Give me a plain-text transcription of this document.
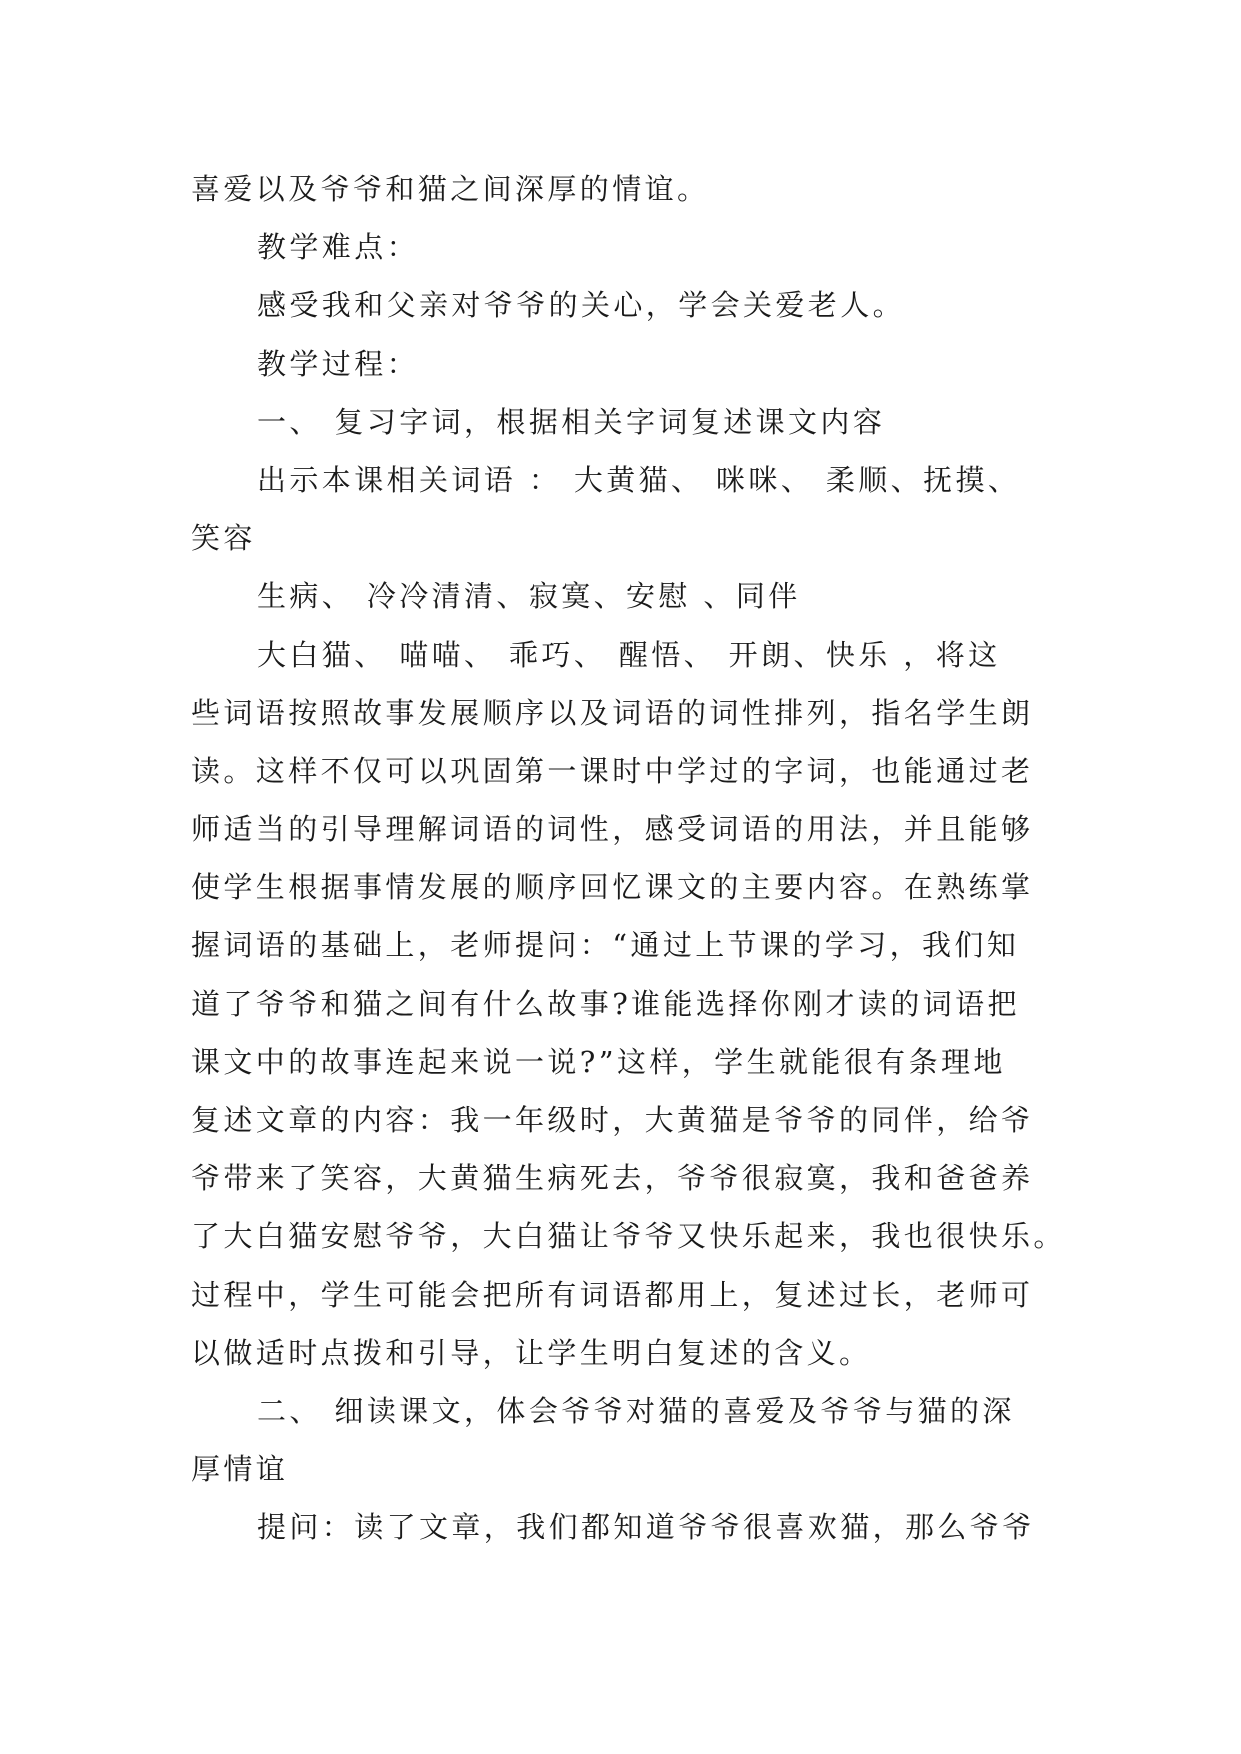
喜爱以及爷爷和猫之间深厚的情谊。
教学难点：
感受我和父亲对爷爷的关心，学会关爱老人。
教学过程：
一、 复习字词，根据相关字词复述课文内容
出示本课相关词语 ： 大黄猫、 咪咪、 柔顺、抚摸、
笑容
生病、 冷冷清清、寂寞、安慰 、同伴
大白猫、 喵喵、 乖巧、 醒悟、 开朗、快乐 ，将这
些词语按照故事发展顺序以及词语的词性排列，指名学生朗
读。这样不仅可以巩固第一课时中学过的字词，也能通过老
师适当的引导理解词语的词性，感受词语的用法，并且能够
使学生根据事情发展的顺序回忆课文的主要内容。在熟练掌
握词语的基础上，老师提问：“通过上节课的学习，我们知
道了爷爷和猫之间有什么故事?谁能选择你刚才读的词语把
课文中的故事连起来说一说?”这样，学生就能很有条理地
复述文章的内容：我一年级时，大黄猫是爷爷的同伴，给爷
爷带来了笑容，大黄猫生病死去，爷爷很寂寞，我和爸爸养
了大白猫安慰爷爷，大白猫让爷爷又快乐起来，我也很快乐。
过程中，学生可能会把所有词语都用上，复述过长，老师可
以做适时点拨和引导，让学生明白复述的含义。
二、 细读课文，体会爷爷对猫的喜爱及爷爷与猫的深
厚情谊
提问：读了文章，我们都知道爷爷很喜欢猫，那么爷爷
